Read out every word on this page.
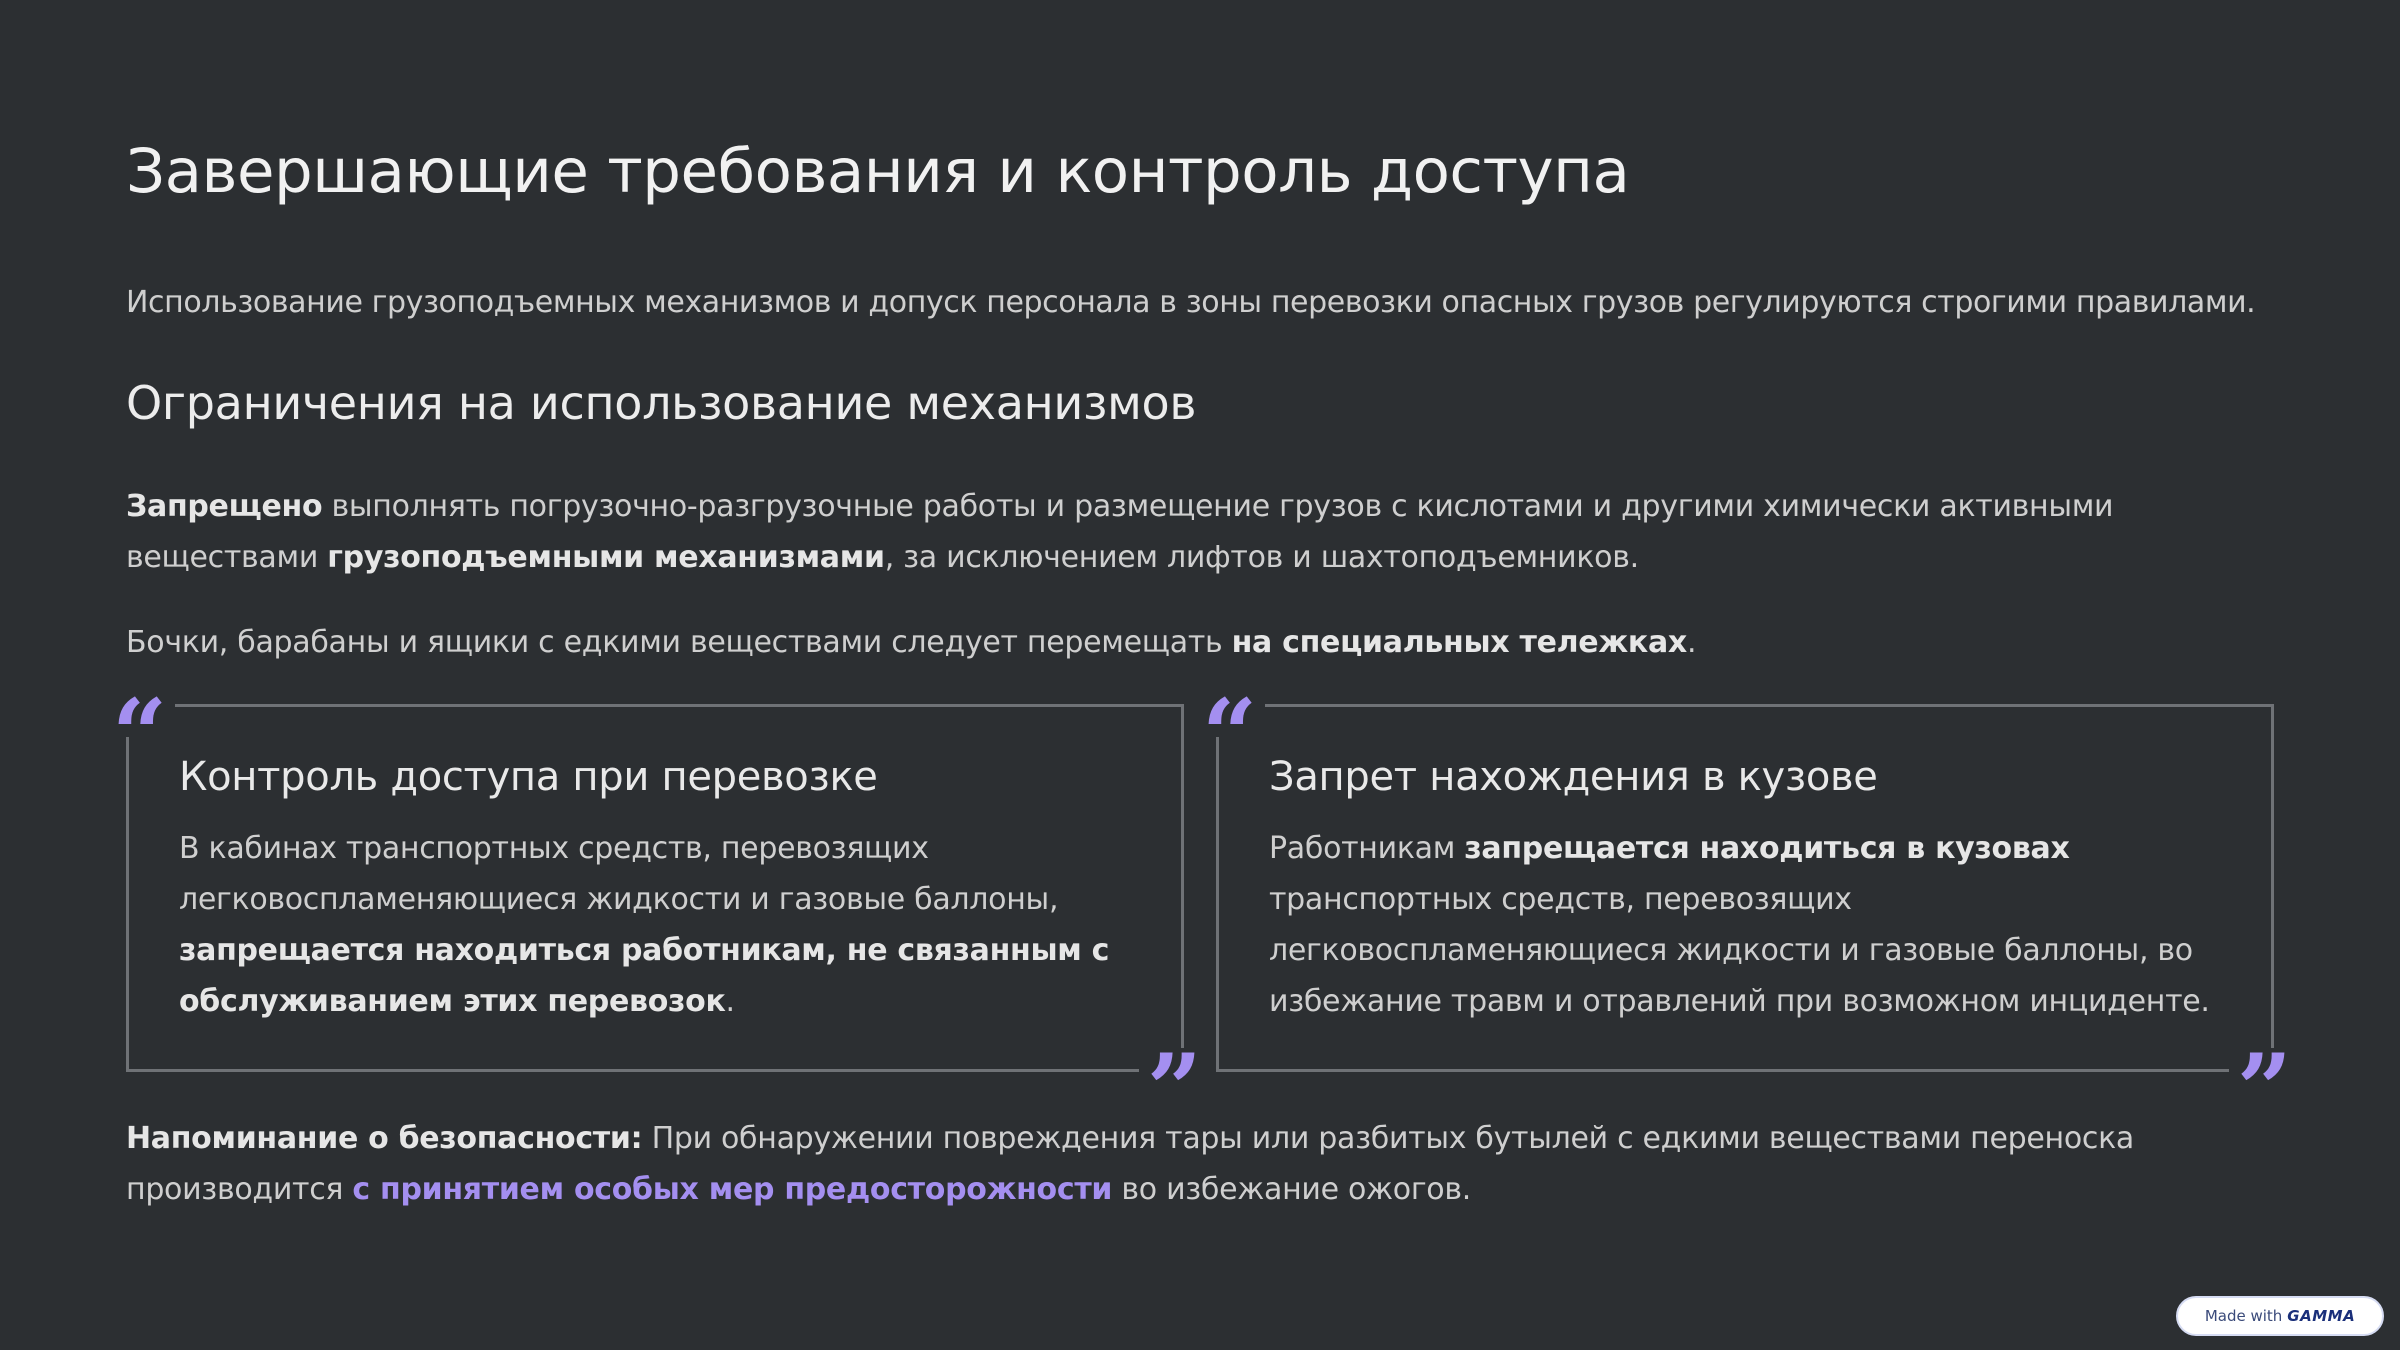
Завершающие требования и контроль доступа

Использование грузоподъемных механизмов и допуск персонала в зоны перевозки опасных грузов регулируются строгими правилами.

Ограничения на использование механизмов

Запрещено выполнять погрузочно-разгрузочные работы и размещение грузов с кислотами и другими химически активными веществами грузоподъемными механизмами, за исключением лифтов и шахтоподъемников.

Бочки, барабаны и ящики с едкими веществами следует перемещать на специальных тележках.

“ Контроль доступа при перевозке

В кабинах транспортных средств, перевозящих легковоспламеняющиеся жидкости и газовые баллоны, запрещается находиться работникам, не связанным с обслуживанием этих перевозок.

”
“ Запрет нахождения в кузове

Работникам запрещается находиться в кузовах транспортных средств, перевозящих легковоспламеняющиеся жидкости и газовые баллоны, во избежание травм и отравлений при возможном инциденте.

”

Напоминание о безопасности: При обнаружении повреждения тары или разбитых бутылей с едкими веществами переноска производится с принятием особых мер предосторожности во избежание ожогов.

Made with GAMMA
